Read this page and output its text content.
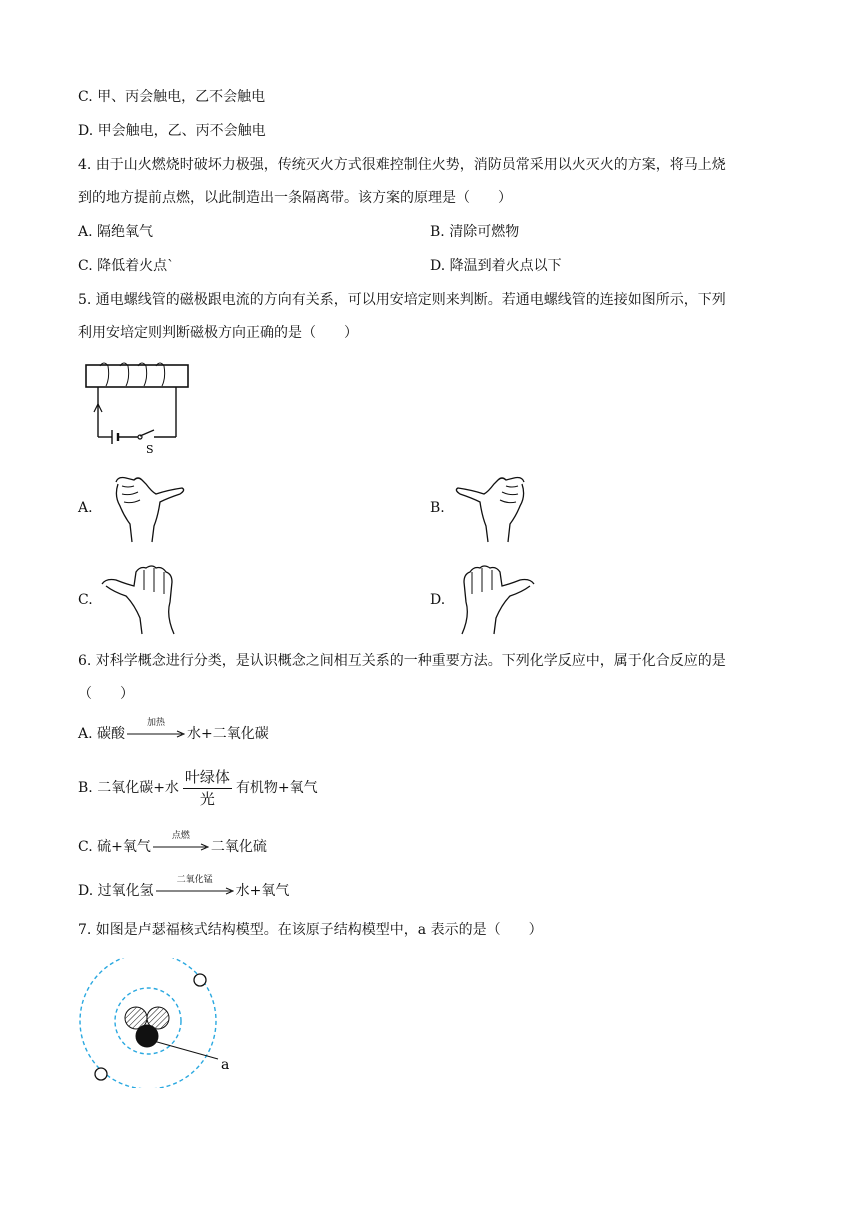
C. 甲、丙会触电，乙不会触电
D. 甲会触电，乙、丙不会触电
4. 由于山火燃烧时破坏力极强，传统灭火方式很难控制住火势，消防员常采用以火灭火的方案，将马上烧
到的地方提前点燃，以此制造出一条隔离带。该方案的原理是（　　）
A. 隔绝氧气	B. 清除可燃物
C. 降低着火点`	D. 降温到着火点以下
5. 通电螺线管的磁极跟电流的方向有关系，可以用安培定则来判断。若通电螺线管的连接如图所示，下列
利用安培定则判断磁极方向正确的是（　　）
S
A.	B.
C.	D.
6. 对科学概念进行分类，是认识概念之间相互关系的一种重要方法。下列化学反应中，属于化合反应的是
（　　）
A. 碳酸
加热
水+二氧化碳
B. 二氧化碳+水 $\frac{\text{叶绿体}}{\text{光}}$ 有机物+氧气
C. 硫+氧气
点燃
二氧化硫
D. 过氧化氢
二氧化锰
水+氧气
7. 如图是卢瑟福核式结构模型。在该原子结构模型中，a 表示的是（　　）
a
